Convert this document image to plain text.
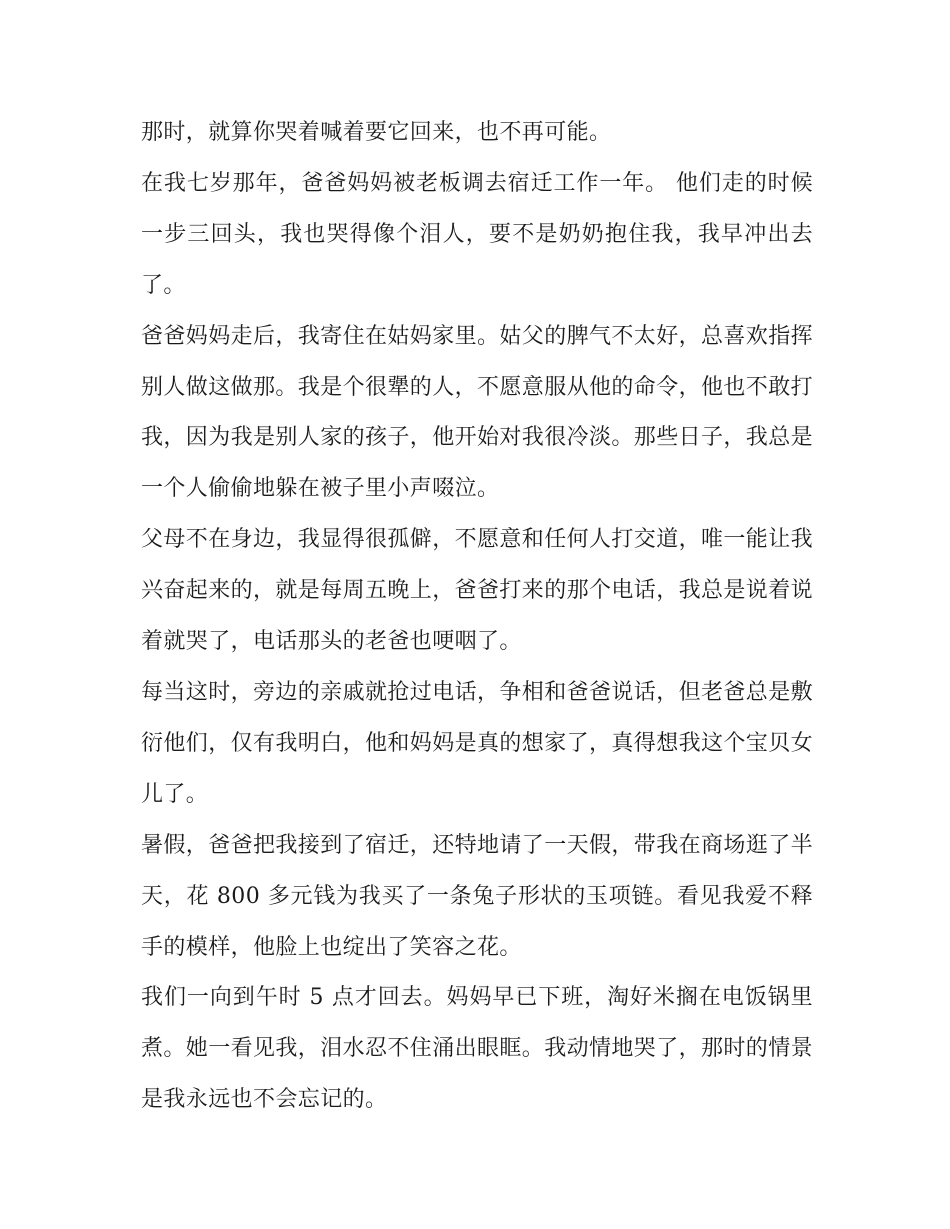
那时，就算你哭着喊着要它回来，也不再可能。

在我七岁那年，爸爸妈妈被老板调去宿迁工作一年。 他们走的时候一步三回头，我也哭得像个泪人，要不是奶奶抱住我，我早冲出去了。

爸爸妈妈走后，我寄住在姑妈家里。姑父的脾气不太好，总喜欢指挥别人做这做那。我是个很犟的人，不愿意服从他的命令，他也不敢打我，因为我是别人家的孩子，他开始对我很冷淡。那些日子，我总是一个人偷偷地躲在被子里小声啜泣。

父母不在身边，我显得很孤僻，不愿意和任何人打交道，唯一能让我兴奋起来的，就是每周五晚上，爸爸打来的那个电话，我总是说着说着就哭了，电话那头的老爸也哽咽了。

每当这时，旁边的亲戚就抢过电话，争相和爸爸说话，但老爸总是敷衍他们，仅有我明白，他和妈妈是真的想家了，真得想我这个宝贝女儿了。

暑假，爸爸把我接到了宿迁，还特地请了一天假，带我在商场逛了半天，花 800 多元钱为我买了一条兔子形状的玉项链。看见我爱不释手的模样，他脸上也绽出了笑容之花。

我们一向到午时 5 点才回去。妈妈早已下班，淘好米搁在电饭锅里煮。她一看见我，泪水忍不住涌出眼眶。我动情地哭了，那时的情景是我永远也不会忘记的。
